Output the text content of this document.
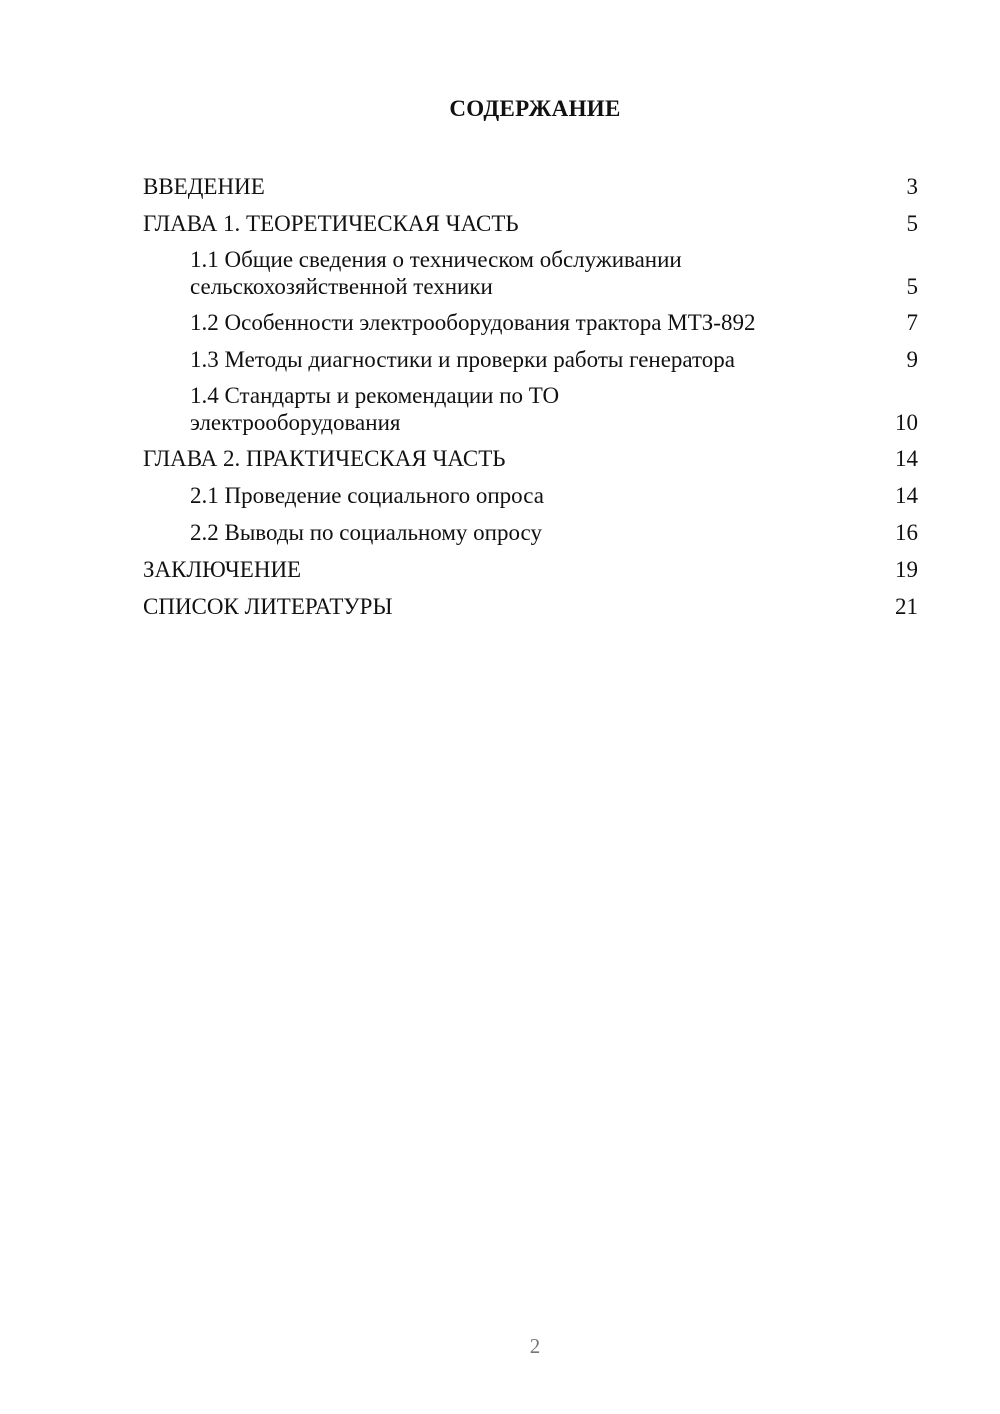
СОДЕРЖАНИЕ
ВВЕДЕНИЕ	3
ГЛАВА 1. ТЕОРЕТИЧЕСКАЯ ЧАСТЬ	5
1.1 Общие сведения о техническом обслуживании
сельскохозяйственной техники	5
1.2 Особенности электрооборудования трактора МТЗ-892	7
1.3 Методы диагностики и проверки работы генератора	9
1.4 Стандарты и рекомендации по ТО
электрооборудования	10
ГЛАВА 2. ПРАКТИЧЕСКАЯ ЧАСТЬ	14
2.1 Проведение социального опроса	14
2.2 Выводы по социальному опросу	16
ЗАКЛЮЧЕНИЕ	19
СПИСОК ЛИТЕРАТУРЫ	21
2
